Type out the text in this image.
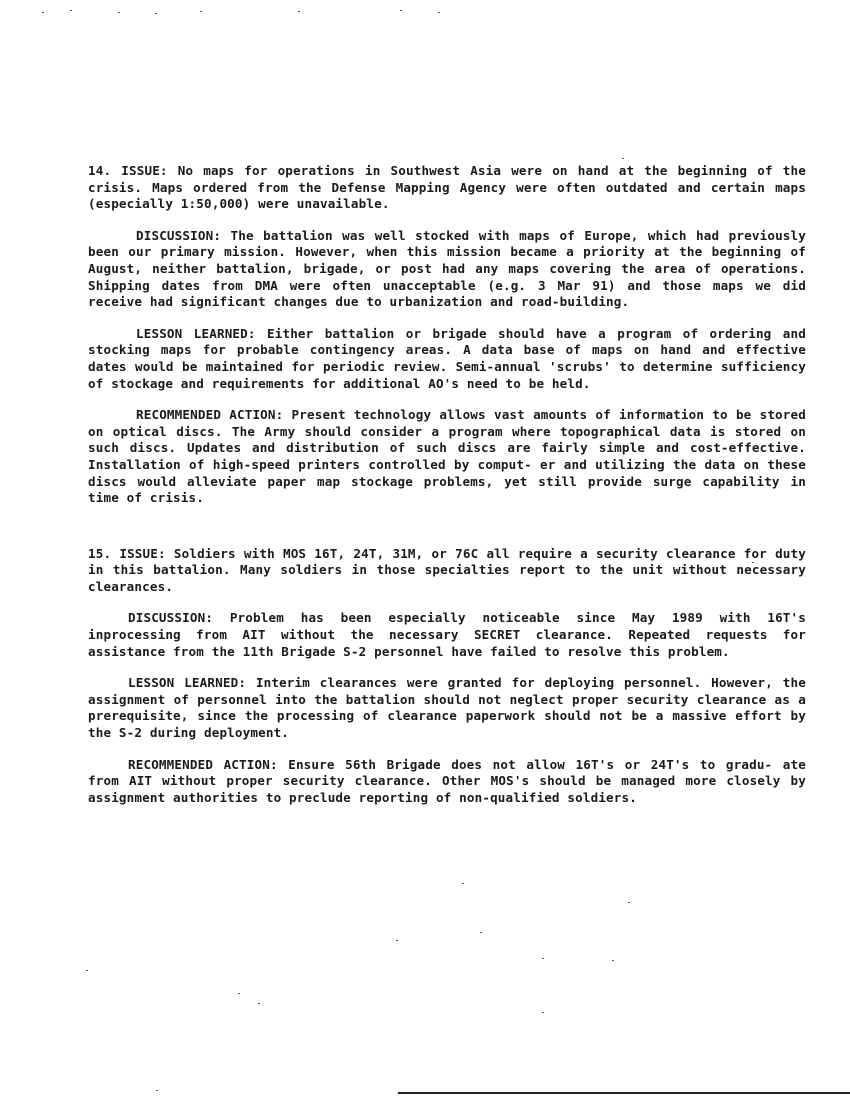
14. ISSUE: No maps for operations in Southwest Asia were on hand at the beginning of the crisis. Maps ordered from the Defense Mapping Agency were often outdated and certain maps (especially 1:50,000) were unavailable.

DISCUSSION: The battalion was well stocked with maps of Europe, which had previously been our primary mission. However, when this mission became a priority at the beginning of August, neither battalion, brigade, or post had any maps covering the area of operations. Shipping dates from DMA were often unacceptable (e.g. 3 Mar 91) and those maps we did receive had significant changes due to urbanization and road-building.

LESSON LEARNED: Either battalion or brigade should have a program of ordering and stocking maps for probable contingency areas. A data base of maps on hand and effective dates would be maintained for periodic review. Semi-annual 'scrubs' to determine sufficiency of stockage and requirements for additional AO's need to be held.

RECOMMENDED ACTION: Present technology allows vast amounts of information to be stored on optical discs. The Army should consider a program where topographical data is stored on such discs. Updates and distribution of such discs are fairly simple and cost-effective. Installation of high-speed printers controlled by comput- er and utilizing the data on these discs would alleviate paper map stockage problems, yet still provide surge capability in time of crisis.

15. ISSUE: Soldiers with MOS 16T, 24T, 31M, or 76C all require a security clearance for duty in this battalion. Many soldiers in those specialties report to the unit without necessary clearances.

DISCUSSION: Problem has been especially noticeable since May 1989 with 16T's inprocessing from AIT without the necessary SECRET clearance. Repeated requests for assistance from the 11th Brigade S-2 personnel have failed to resolve this problem.

LESSON LEARNED: Interim clearances were granted for deploying personnel. However, the assignment of personnel into the battalion should not neglect proper security clearance as a prerequisite, since the processing of clearance paperwork should not be a massive effort by the S-2 during deployment.

RECOMMENDED ACTION: Ensure 56th Brigade does not allow 16T's or 24T's to gradu- ate from AIT without proper security clearance. Other MOS's should be managed more closely by assignment authorities to preclude reporting of non-qualified soldiers.
